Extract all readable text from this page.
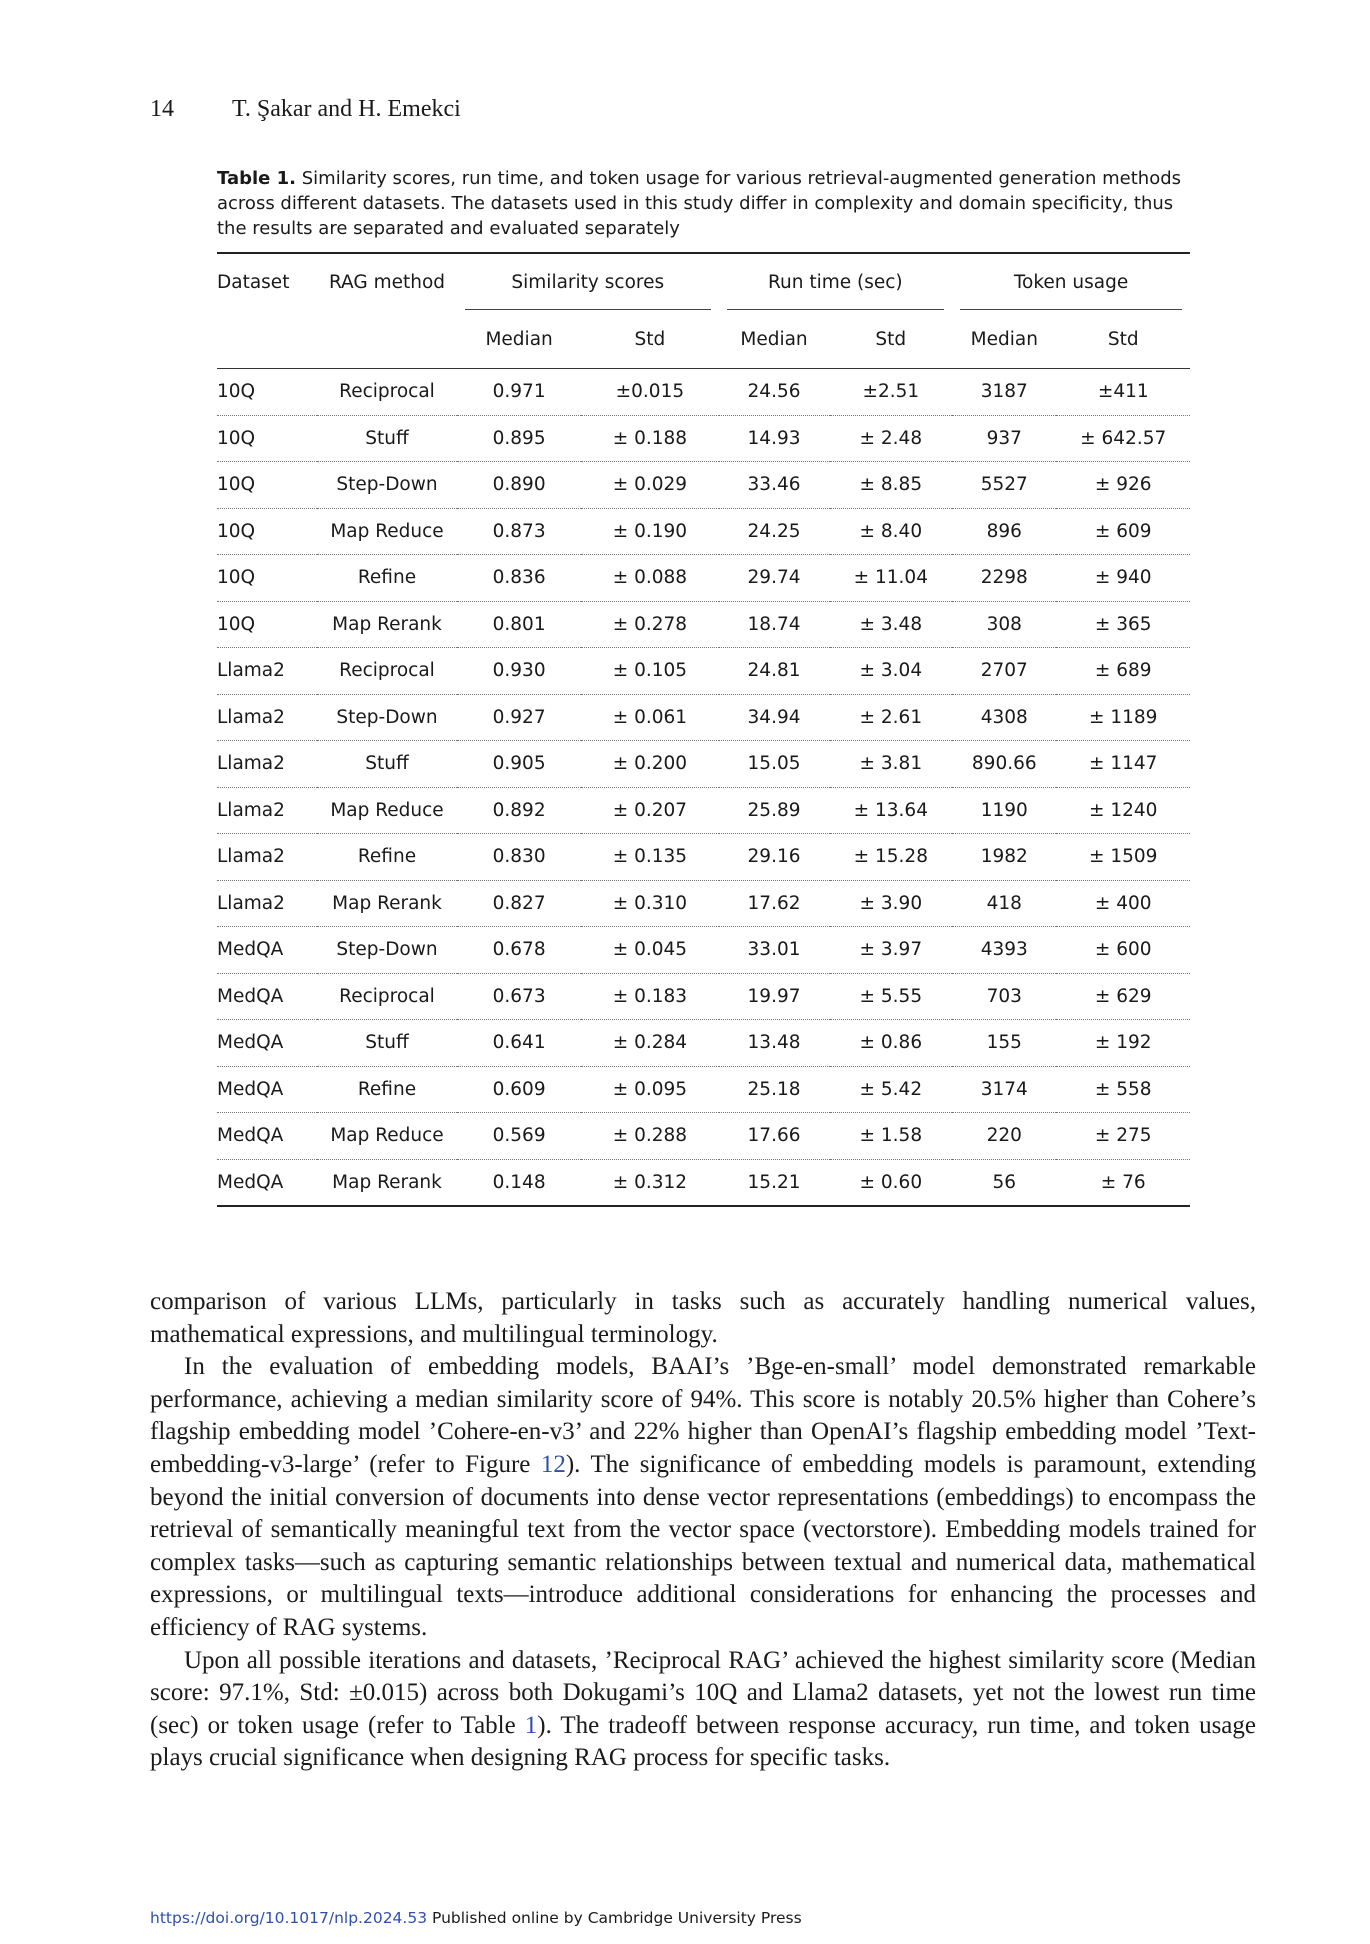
14 T. Şakar and H. Emekci

Table 1. Similarity scores, run time, and token usage for various retrieval-augmented generation methods across different datasets. The datasets used in this study differ in complexity and domain specificity, thus the results are separated and evaluated separately

Dataset	RAG method	Similarity scores		Run time (sec)		Token usage	

		Median	Std	Median	Std	Median	Std
10Q	Reciprocal	0.971	±0.015	24.56	±2.51	3187	±411
10Q	Stuff	0.895	± 0.188	14.93	± 2.48	937	± 642.57
10Q	Step-Down	0.890	± 0.029	33.46	± 8.85	5527	± 926
10Q	Map Reduce	0.873	± 0.190	24.25	± 8.40	896	± 609
10Q	Refine	0.836	± 0.088	29.74	± 11.04	2298	± 940
10Q	Map Rerank	0.801	± 0.278	18.74	± 3.48	308	± 365
Llama2	Reciprocal	0.930	± 0.105	24.81	± 3.04	2707	± 689
Llama2	Step-Down	0.927	± 0.061	34.94	± 2.61	4308	± 1189
Llama2	Stuff	0.905	± 0.200	15.05	± 3.81	890.66	± 1147
Llama2	Map Reduce	0.892	± 0.207	25.89	± 13.64	1190	± 1240
Llama2	Refine	0.830	± 0.135	29.16	± 15.28	1982	± 1509
Llama2	Map Rerank	0.827	± 0.310	17.62	± 3.90	418	± 400
MedQA	Step-Down	0.678	± 0.045	33.01	± 3.97	4393	± 600
MedQA	Reciprocal	0.673	± 0.183	19.97	± 5.55	703	± 629
MedQA	Stuff	0.641	± 0.284	13.48	± 0.86	155	± 192
MedQA	Refine	0.609	± 0.095	25.18	± 5.42	3174	± 558
MedQA	Map Reduce	0.569	± 0.288	17.66	± 1.58	220	± 275
MedQA	Map Rerank	0.148	± 0.312	15.21	± 0.60	56	± 76

comparison of various LLMs, particularly in tasks such as accurately handling numerical values, mathematical expressions, and multilingual terminology.

In the evaluation of embedding models, BAAI’s ’Bge-en-small’ model demonstrated remarkable performance, achieving a median similarity score of 94%. This score is notably 20.5% higher than Cohere’s flagship embedding model ’Cohere-en-v3’ and 22% higher than OpenAI’s flagship embedding model ’Text-embedding-v3-large’ (refer to Figure 12). The significance of embedding models is paramount, extending beyond the initial conversion of documents into dense vector representations (embeddings) to encompass the retrieval of semantically meaningful text from the vector space (vectorstore). Embedding models trained for complex tasks—such as capturing semantic relationships between textual and numerical data, mathematical expressions, or multilingual texts—introduce additional considerations for enhancing the processes and efficiency of RAG systems.

Upon all possible iterations and datasets, ’Reciprocal RAG’ achieved the highest similarity score (Median score: 97.1%, Std: ±0.015) across both Dokugami’s 10Q and Llama2 datasets, yet not the lowest run time (sec) or token usage (refer to Table 1). The tradeoff between response accuracy, run time, and token usage plays crucial significance when designing RAG process for specific tasks.

https://doi.org/10.1017/nlp.2024.53 Published online by Cambridge University Press
